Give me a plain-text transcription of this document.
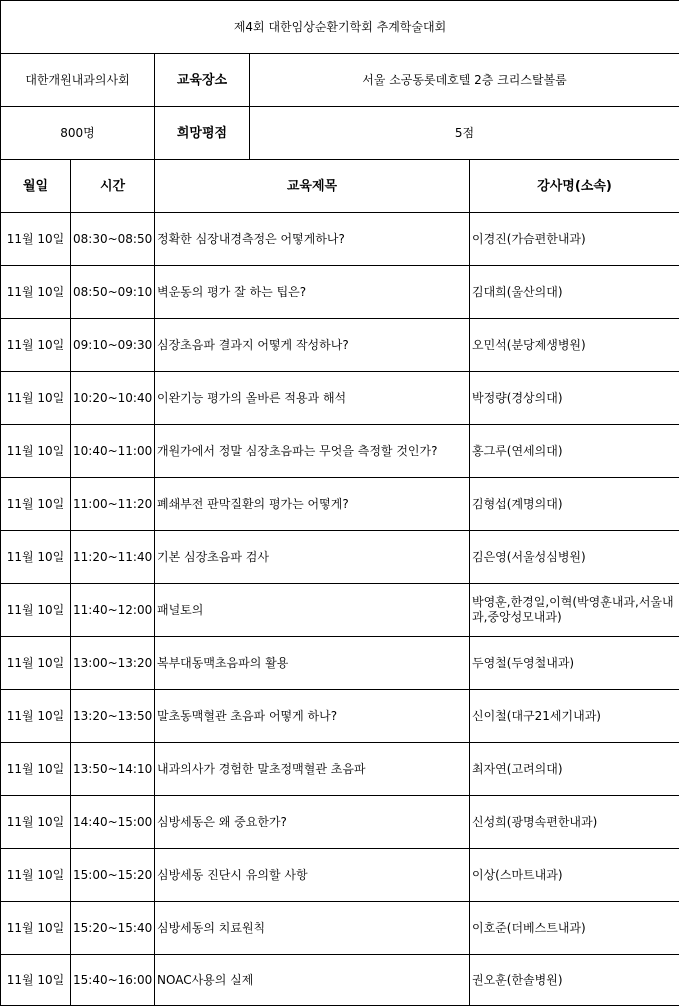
제4회 대한임상순환기학회 추계학술대회				
대한개원내과의사회		교육장소	서울 소공동롯데호텔 2층 크리스탈볼룸	
800명		희망평점	5점	
월일	시간	교육제목		강사명(소속)
11월 10일	08:30~08:50	정확한 심장내경측정은 어떻게하나?		이경진(가슴편한내과)
11월 10일	08:50~09:10	벽운동의 평가 잘 하는 팁은?		김대희(울산의대)
11월 10일	09:10~09:30	심장초음파 결과지 어떻게 작성하나?		오민석(분당제생병원)
11월 10일	10:20~10:40	이완기능 평가의 올바른 적용과 해석		박정량(경상의대)
11월 10일	10:40~11:00	개원가에서 정말 심장초음파는 무엇을 측정할 것인가?		홍그루(연세의대)
11월 10일	11:00~11:20	폐쇄부전 판막질환의 평가는 어떻게?		김형섭(계명의대)
11월 10일	11:20~11:40	기본 심장초음파 검사		김은영(서울성심병원)
11월 10일	11:40~12:00	패널토의		박영훈,한경일,이혁(박영훈내과,서울내과,중앙성모내과)
11월 10일	13:00~13:20	복부대동맥초음파의 활용		두영철(두영철내과)
11월 10일	13:20~13:50	말초동맥혈관 초음파 어떻게 하나?		신이철(대구21세기내과)
11월 10일	13:50~14:10	내과의사가 경험한 말초정맥혈관 초음파		최자연(고려의대)
11월 10일	14:40~15:00	심방세동은 왜 중요한가?		신성희(광명속편한내과)
11월 10일	15:00~15:20	심방세동 진단시 유의할 사항		이상(스마트내과)
11월 10일	15:20~15:40	심방세동의 치료원칙		이호준(더베스트내과)
11월 10일	15:40~16:00	NOAC사용의 실제		권오훈(한솔병원)
